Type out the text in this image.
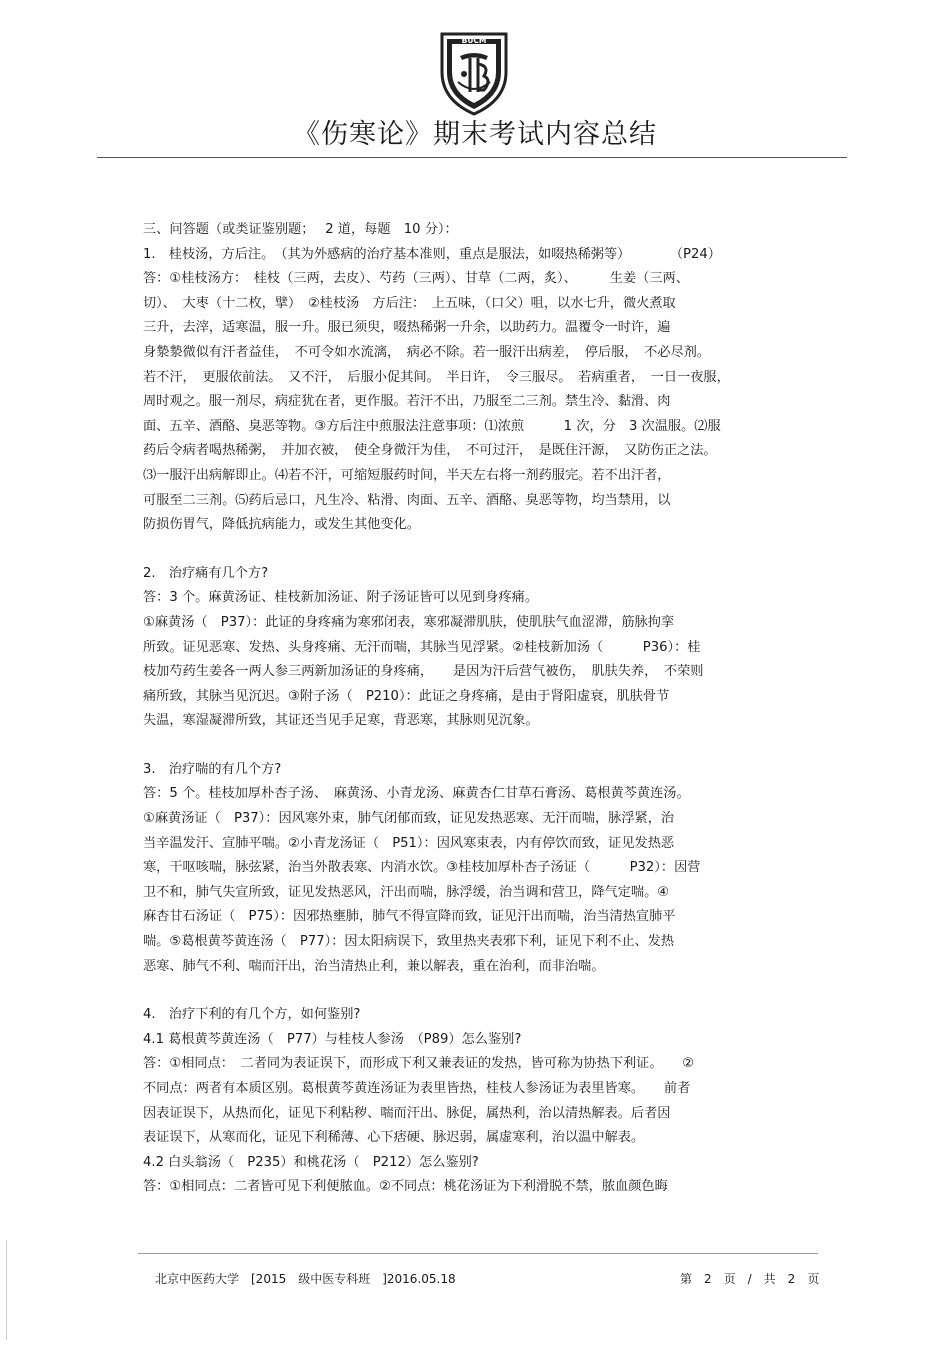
BUCM
《伤寒论》期末考试内容总结

三、问答题（或类证鉴别题；　 2 道，每题　10 分）：

1.　桂枝汤，方后注。　（其为外感病的治疗基本准则，重点是服法，如啜热稀粥等）　　　　（P24）

答：①桂枝汤方：　桂枝（三两，去皮）、芍药（三两）、甘草（二两，炙）、　　　生姜（三两、

切）、　大枣（十二枚，擘）　②桂枝汤　方后注：　上五味，（口父）咀，以水七升，微火煮取

三升，去滓，适寒温，服一升。服已须臾，啜热稀粥一升余，以助药力。温覆令一时许，遍

身漐漐微似有汗者益佳，　不可令如水流漓，　病必不除。若一服汗出病差，　停后服，　不必尽剂。

若不汗，　更服依前法。　又不汗，　后服小促其间。　半日许，　令三服尽。　若病重者，　一日一夜服，

周时观之。服一剂尽，病症犹在者，更作服。若汗不出，乃服至二三剂。禁生冷、黏滑、肉

面、五辛、酒酪、臭恶等物。③方后注中煎服法注意事项：⑴浓煎　　　1 次，分　3 次温服。⑵服

药后令病者喝热稀粥，　并加衣被，　使全身微汗为佳，　不可过汗，　是既住汗源，　又防伤正之法。

⑶一服汗出病解即止。⑷若不汗，可缩短服药时间，半天左右将一剂药服完。若不出汗者，

可服至二三剂。⑸药后忌口，凡生冷、粘滑、肉面、五辛、酒酪、臭恶等物，均当禁用，以

防损伤胃气，降低抗病能力，或发生其他变化。

2.　治疗痛有几个方?

答：3 个。麻黄汤证、桂枝新加汤证、附子汤证皆可以见到身疼痛。

①麻黄汤（　P37）：此证的身疼痛为寒邪闭表，寒邪凝滞肌肤，使肌肤气血涩滞，筋脉拘挛

所致。证见恶寒、发热、头身疼痛、无汗而喘，其脉当见浮紧。②桂枝新加汤（　　　P36）：桂

枝加芍药生姜各一两人参三两新加汤证的身疼痛，　　是因为汗后营气被伤，　肌肤失养，　不荣则

痛所致，其脉当见沉迟。③附子汤（　P210）：此证之身疼痛，是由于肾阳虚衰，肌肤骨节

失温，寒湿凝滞所致，其证还当见手足寒，背恶寒，其脉则见沉象。

3.　治疗喘的有几个方?

答：5 个。桂枝加厚朴杏子汤、　麻黄汤、小青龙汤、麻黄杏仁甘草石膏汤、葛根黄芩黄连汤。

①麻黄汤证（　P37）：因风寒外束，肺气闭郁而致，证见发热恶寒、无汗而喘，脉浮紧，治

当辛温发汗、宣肺平喘。②小青龙汤证（　P51）：因风寒束表，内有停饮而致，证见发热恶

寒，干呕咳喘，脉弦紧，治当外散表寒、内消水饮。③桂枝加厚朴杏子汤证（　　　P32）：因营

卫不和，肺气失宣所致，证见发热恶风，汗出而喘，脉浮缓，治当调和营卫，降气定喘。④

麻杏甘石汤证（　P75）：因邪热壅肺，肺气不得宣降而致，证见汗出而喘，治当清热宣肺平

喘。⑤葛根黄芩黄连汤（　P77）：因太阳病误下，致里热夹表邪下利，证见下利不止、发热

恶寒、肺气不利、喘而汗出，治当清热止利，兼以解表，重在治利，而非治喘。

4.　治疗下利的有几个方，如何鉴别?

4.1 葛根黄芩黄连汤（　P77）与桂枝人参汤　（P89）怎么鉴别?

答：①相同点：　二者同为表证误下，而形成下利又兼表证的发热，皆可称为协热下利证。　　②

不同点：两者有本质区别。葛根黄芩黄连汤证为表里皆热，桂枝人参汤证为表里皆寒。　　前者

因表证误下，从热而化，证见下利粘秽、喘而汗出、脉促，属热利，治以清热解表。后者因

表证误下，从寒而化，证见下利稀薄、心下痞硬、脉迟弱，属虚寒利，治以温中解表。

4.2 白头翁汤（　P235）和桃花汤（　P212）怎么鉴别?

答：①相同点：二者皆可见下利便脓血。②不同点：桃花汤证为下利滑脱不禁，脓血颜色晦

北京中医药大学　[2015　级中医专科班　]2016.05.18	第　2　页　/　共　2　页
